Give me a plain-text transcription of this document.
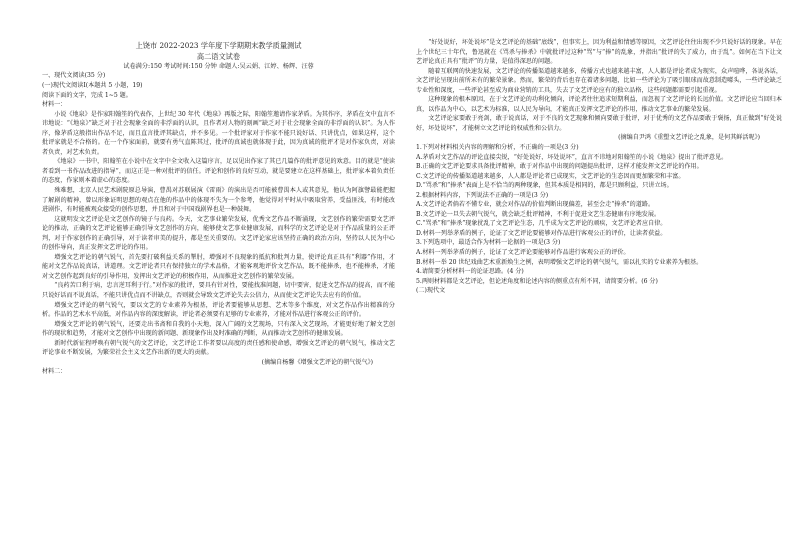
上饶市 2022-2023 学年度下学期期末教学质量测试
高二语文试卷
试卷满分:150 考试时间:150 分钟 命题人:吴云娟、江婷、杨辉、汪蓉

一、现代文阅读(35 分)

(一)现代文阅读I(本题共 5 小题，19)

阅读下面的文字，完成 1~5 题。

材料一：

小说《地泉》是作家阳翰笙的代表作，上世纪 30 年代《地泉》再版之际，阳翰笙邀请作家茅盾。为其作序，茅盾在文中直言不讳地说：“《地泉》”缺乏对于社会现象全面的非浮面的认识，且作者对人物的刻画“缺乏对于社会现象全面的非浮面的认识”。为人作序，像茅盾这般指出作品不足，而且直言批评其缺点，并不多见。一个批评家对于作家不能只说好话、只讲优点，如果这样，这个批评家就是不合格的。在一个作家面前，就要有勇气直陈其过，批评的真诚也就体现于此，因为真诚的批评才是对作家负责，对读者负责，对艺术负责。

《地泉》一书中，阳翰笙在小说中在文字中全文收入这篇序言，足以见出作家了其已几篇作的批评意见的欢意。目的就是“使读者看到一书作品改进的指导”，而这正是一种对批评的信任。评论和创作的良好互动，就是要建立在这样基础上，批评家本着负责任的态度，作家则本着虚心的态度。

殊难想，北京人民艺术剧院原总导演，曹禺对苏联展演《雷雨》的演出是否可能被曹禺本人或其意见，他认为阿旗譬最能把握了解剧的精神，曾以形象证明思想的观点在他的作品中的体现不失为一个参考，他觉得对平时从中吸取营养，受益匪浅，有时能改进剧作，有时能被观众接受的创作思想，并且和对于中国戏剧界也是一种鼓舞。

这就明发文艺评论是文艺创作的镜子与良药。今天，文艺事业繁荣发展，优秀文艺作品不断涌现，文艺创作的繁荣需要文艺评论的推动，正确的文艺评论能够正确引导文艺创作的方向，能够使文艺事业健康发展，而科学的文艺评论是对于作品质量的公正评判，对于作家创作的正确引导，对于读者审美的提升，都是至关重要的。文艺评论家应该坚持正确的政治方向，坚持以人民为中心的创作导向，真正发挥文艺评论的作用。

增强文艺评论的朝气锐气，首先要打破利益关系的掣肘，增强对不良现象的抵抗和批判力量，使评论真正具有“利器”作用，才能对文艺作品说真话，讲道理。文艺评论者只有保持独立的学术品格，才能客观地评价文艺作品，既不能捧杀，也不能棒杀，才能对文艺创作起到良好的引导作用，发挥出文艺评论的积极作用，从而推进文艺创作的繁荣发展。

“良药苦口利于病，忠言逆耳利于行。”对作家的批评，要具有针对性，要能找准问题，切中要害，促进文艺作品的提高，而不能只说好话而不说真话，不能只讲优点而不讲缺点，否则就会导致文艺评论失去公信力，从而使文艺评论失去应有的价值。

增强文艺评论的朝气锐气，要以文艺的专业素养为根基，评论者要能够从思想、艺术等多个维度，对文艺作品作出精准的分析。作品的艺术水平高低，对作品内容的深度解读，评论者必须要有足够的专业素养，才能对作品进行客观公正的评价。

增强文艺评论的朝气锐气，还要走出书斋和自我的小天地，深入广阔的文艺现场，只有深入文艺现场，才能更好地了解文艺创作的现状和趋势，才能对文艺创作中出现的新问题、新现象作出及时准确的判断，从而推动文艺创作的健康发展。

新时代新征程呼唤有朝气锐气的文艺评论，文艺评论工作者要以高度的责任感和使命感，增强文艺评论的朝气锐气，推动文艺评论事业不断发展，为繁荣社会主义文艺作出新的更大的贡献。

(摘编自杨馨《增强文艺评论的朝气锐气》)

材料二：

“好处说好，坏处说坏”是文艺评论的基础“底线”，但事实上，因为利益和情感等原因，文艺评论往往出现不少只说好话的现象。早在上个世纪三十年代，鲁迅就在《骂杀与捧杀》中就批评过这种“骂”与“捧”的乱象，并指出“批评的失了威力，由于乱”。如何在当下让文艺评论真正具有“批评”的力量，是值得深思的问题。

随着互联网的快速发展，文艺评论的传播渠道越来越多，传播方式也越来越丰富，人人都是评论者成为现实，众声喧哗，各说各话，文艺评论呈现出前所未有的繁荣景象。然而，繁荣的背后也存在着诸多问题，比如一些评论为了吸引眼球而故意制造噱头，一些评论缺乏专业性和深度，一些评论甚至成为商业营销的工具，失去了文艺评论应有的独立品格，这些问题都需要引起重视。

这种现象的根本原因，在于文艺评论的功利化倾向，评论者往往追求短期利益，而忽视了文艺评论的长远价值。文艺评论应当回归本真，以作品为中心，以艺术为标准，以人民为导向，才能真正发挥文艺评论的作用，推动文艺事业的繁荣发展。

文艺评论家要敢于亮剑，敢于说真话，对于不良的文艺现象和倾向要敢于批评，对于优秀的文艺作品要敢于褒扬，真正做到“好处说好，坏处说坏”，才能树立文艺评论的权威性和公信力。

(摘编自尹鸿《重塑文艺评论之乱象，是何其鲜活呢》)

1.下列对材料相关内容的理解和分析，不正确的一项是(3 分)

A.茅盾对文艺作品的评论直接尖锐，“好处说好，坏处说坏”，直言不讳地对阳翰笙的小说《地泉》提出了批评意见。

B.正确的文艺评论要求具备批评精神，敢于对作品中出现的问题提出批评，这样才能发挥文艺评论的作用。

C.文艺评论的传播渠道越来越多，人人都是评论者已成现实，文艺评论的生态因而更加繁荣和丰富。

D.“骂杀”和“捧杀”表面上是不恰当的两种现象，但其本质是相同的，都是只顾利益，只讲立场。

2.根据材料内容，下列说法不正确的一项是(3 分)

A.文艺评论者倘若不懂专业，就会对作品的价值判断出现偏差，甚至会走“捧杀”的道路。

B.文艺评论一旦失去朝气锐气，就会缺乏批评精神，不利于促进文艺生态健康有序地发展。

C.“骂杀”和“捧杀”现象扰乱了文艺评论生态，几乎成为文艺评论的顽疾，文艺评论者应自律。

D.材料一列举茅盾的例子，论证了文艺评论要能够对作品进行客观公正的评价，让读者获益。

3.下列选项中，最适合作为材料一论据的一项是(3 分)

A.材料一列举茅盾的例子，论证了文艺评论要能够对作品进行客观公正的评价。

B.材料一举 20 世纪戏曲艺术重新焕生之例，表明增强文艺评论的朝气锐气，需以扎实的专业素养为根基。

4.请简要分析材料一的论证思路。(4 分)

5.两则材料都是文艺评论，但论述角度和论述内容的侧重点有所不同，请简要分析。(6 分)

(二)现代文
